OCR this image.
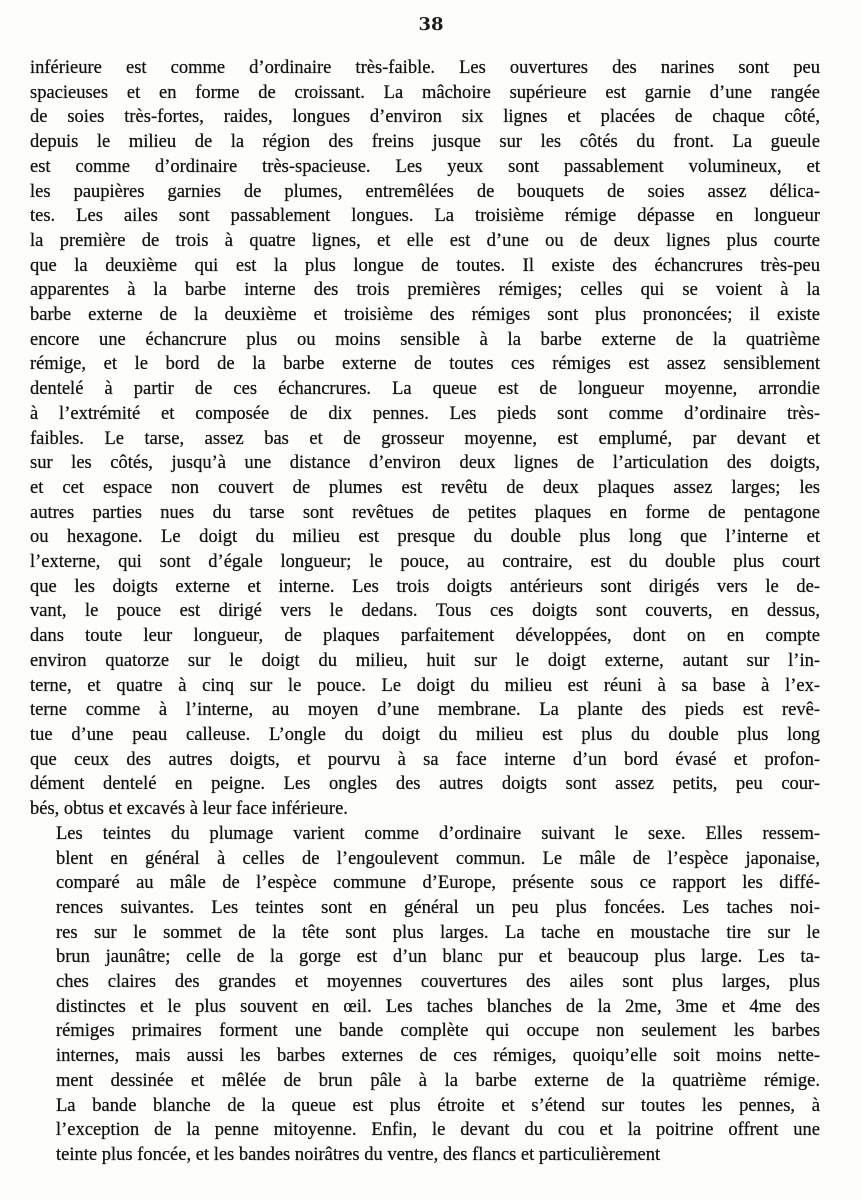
38

inférieure est comme d’ordinaire très-faible. Les ouvertures des narines sont peu
spacieuses et en forme de croissant. La mâchoire supérieure est garnie d’une rangée
de soies très-fortes, raides, longues d’environ six lignes et placées de chaque côté,
depuis le milieu de la région des freins jusque sur les côtés du front. La gueule
est comme d’ordinaire très-spacieuse. Les yeux sont passablement volumineux, et
les paupières garnies de plumes, entremêlées de bouquets de soies assez délica-
tes. Les ailes sont passablement longues. La troisième rémige dépasse en longueur
la première de trois à quatre lignes, et elle est d’une ou de deux lignes plus courte
que la deuxième qui est la plus longue de toutes. Il existe des échancrures très-peu
apparentes à la barbe interne des trois premières rémiges; celles qui se voient à la
barbe externe de la deuxième et troisième des rémiges sont plus prononcées; il existe
encore une échancrure plus ou moins sensible à la barbe externe de la quatrième
rémige, et le bord de la barbe externe de toutes ces rémiges est assez sensiblement
dentelé à partir de ces échancrures. La queue est de longueur moyenne, arrondie
à l’extrémité et composée de dix pennes. Les pieds sont comme d’ordinaire très-
faibles. Le tarse, assez bas et de grosseur moyenne, est emplumé, par devant et
sur les côtés, jusqu’à une distance d’environ deux lignes de l’articulation des doigts,
et cet espace non couvert de plumes est revêtu de deux plaques assez larges; les
autres parties nues du tarse sont revêtues de petites plaques en forme de pentagone
ou hexagone. Le doigt du milieu est presque du double plus long que l’interne et
l’externe, qui sont d’égale longueur; le pouce, au contraire, est du double plus court
que les doigts externe et interne. Les trois doigts antérieurs sont dirigés vers le de-
vant, le pouce est dirigé vers le dedans. Tous ces doigts sont couverts, en dessus,
dans toute leur longueur, de plaques parfaitement développées, dont on en compte
environ quatorze sur le doigt du milieu, huit sur le doigt externe, autant sur l’in-
terne, et quatre à cinq sur le pouce. Le doigt du milieu est réuni à sa base à l’ex-
terne comme à l’interne, au moyen d’une membrane. La plante des pieds est revê-
tue d’une peau calleuse. L’ongle du doigt du milieu est plus du double plus long
que ceux des autres doigts, et pourvu à sa face interne d’un bord évasé et profon-
dément dentelé en peigne. Les ongles des autres doigts sont assez petits, peu cour-
bés, obtus et excavés à leur face inférieure.

Les teintes du plumage varient comme d’ordinaire suivant le sexe. Elles ressem-
blent en général à celles de l’engoulevent commun. Le mâle de l’espèce japonaise,
comparé au mâle de l’espèce commune d’Europe, présente sous ce rapport les diffé-
rences suivantes. Les teintes sont en général un peu plus foncées. Les taches noi-
res sur le sommet de la tête sont plus larges. La tache en moustache tire sur le
brun jaunâtre; celle de la gorge est d’un blanc pur et beaucoup plus large. Les ta-
ches claires des grandes et moyennes couvertures des ailes sont plus larges, plus
distinctes et le plus souvent en œil. Les taches blanches de la 2me, 3me et 4me des
rémiges primaires forment une bande complète qui occupe non seulement les barbes
internes, mais aussi les barbes externes de ces rémiges, quoiqu’elle soit moins nette-
ment dessinée et mêlée de brun pâle à la barbe externe de la quatrième rémige.
La bande blanche de la queue est plus étroite et s’étend sur toutes les pennes, à
l’exception de la penne mitoyenne. Enfin, le devant du cou et la poitrine offrent une
teinte plus foncée, et les bandes noirâtres du ventre, des flancs et particulièrement
